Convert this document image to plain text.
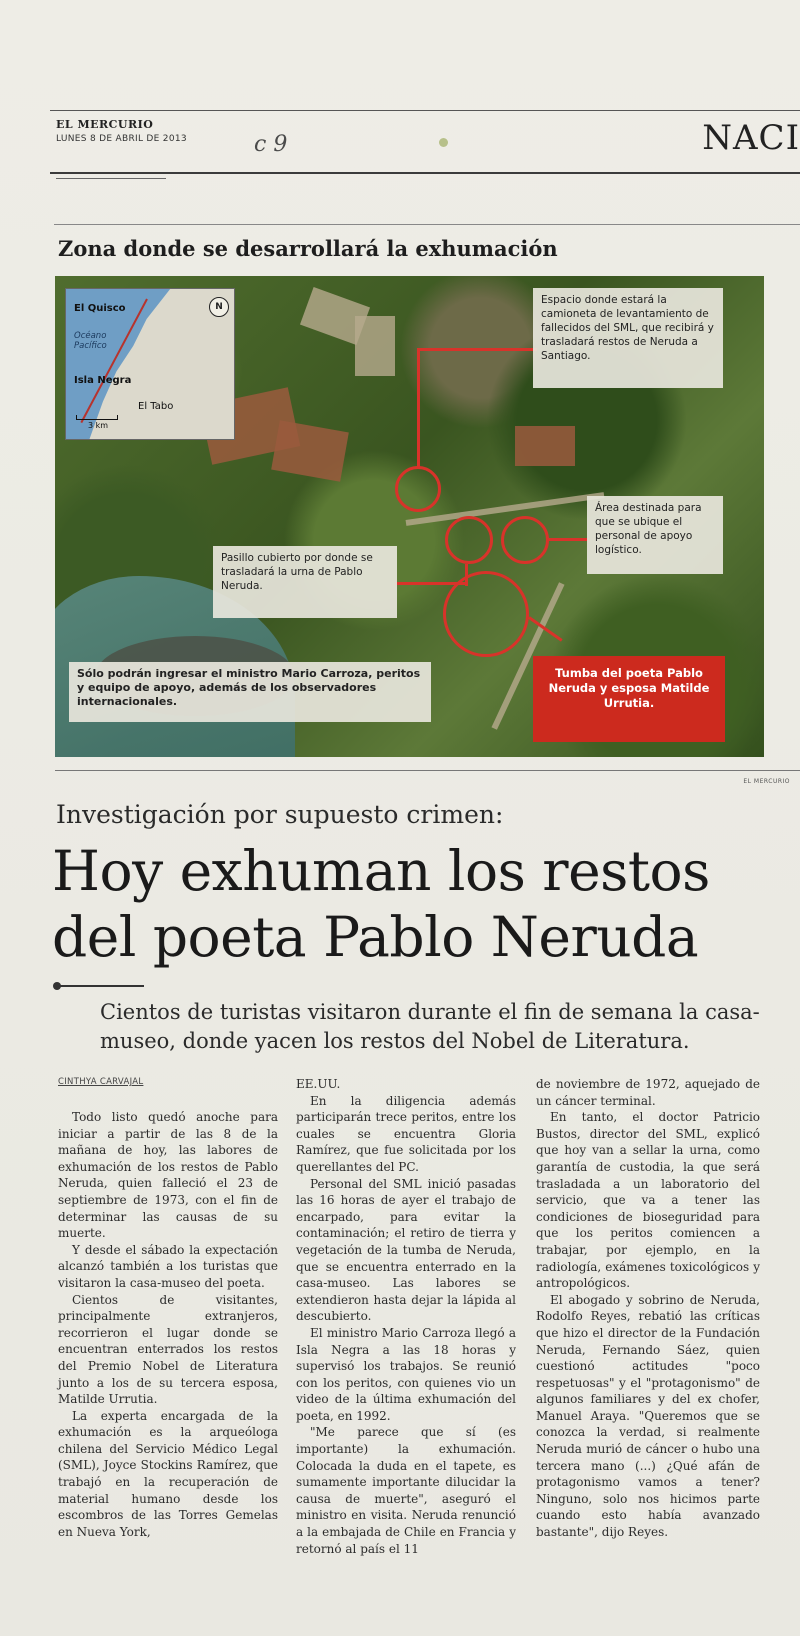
EL MERCURIO
LUNES 8 DE ABRIL DE 2013	c 9	NACI
Zona donde se desarrollará la exhumación
El Quisco
Océano
Pacífico
Isla Negra
El Tabo
N
3 km
Espacio donde estará la camioneta de levantamiento de fallecidos del SML, que recibirá y trasladará restos de Neruda a Santiago.
Área destinada para que se ubique el personal de apoyo logístico.
Pasillo cubierto por donde se trasladará la urna de Pablo Neruda.
Sólo podrán ingresar el ministro Mario Carroza, peritos y equipo de apoyo, además de los observadores internacionales.
Tumba del poeta Pablo Neruda y esposa Matilde Urrutia.
EL MERCURIO
Investigación por supuesto crimen:
Hoy exhuman los restos del poeta Pablo Neruda
Cientos de turistas visitaron durante el fin de semana la casa-museo, donde yacen los restos del Nobel de Literatura.
CINTHYA CARVAJAL

Todo listo quedó anoche para iniciar a partir de las 8 de la mañana de hoy, las labores de exhumación de los restos de Pablo Neruda, quien falleció el 23 de septiembre de 1973, con el fin de determinar las causas de su muerte.

Y desde el sábado la expectación alcanzó también a los turistas que visitaron la casa-museo del poeta.

Cientos de visitantes, principalmente extranjeros, recorrieron el lugar donde se encuentran enterrados los restos del Premio Nobel de Literatura junto a los de su tercera esposa, Matilde Urrutia.

La experta encargada de la exhumación es la arqueóloga chilena del Servicio Médico Legal (SML), Joyce Stockins Ramírez, que trabajó en la recuperación de material humano desde los escombros de las Torres Gemelas en Nueva York,

EE.UU.

En la diligencia además participarán trece peritos, entre los cuales se encuentra Gloria Ramírez, que fue solicitada por los querellantes del PC.

Personal del SML inició pasadas las 16 horas de ayer el trabajo de encarpado, para evitar la contaminación; el retiro de tierra y vegetación de la tumba de Neruda, que se encuentra enterrado en la casa-museo. Las labores se extendieron hasta dejar la lápida al descubierto.

El ministro Mario Carroza llegó a Isla Negra a las 18 horas y supervisó los trabajos. Se reunió con los peritos, con quienes vio un video de la última exhumación del poeta, en 1992.

"Me parece que sí (es importante) la exhumación. Colocada la duda en el tapete, es sumamente importante dilucidar la causa de muerte", aseguró el ministro en visita. Neruda renunció a la embajada de Chile en Francia y retornó al país el 11

de noviembre de 1972, aquejado de un cáncer terminal.

En tanto, el doctor Patricio Bustos, director del SML, explicó que hoy van a sellar la urna, como garantía de custodia, la que será trasladada a un laboratorio del servicio, que va a tener las condiciones de bioseguridad para que los peritos comiencen a trabajar, por ejemplo, en la radiología, exámenes toxicológicos y antropológicos.

El abogado y sobrino de Neruda, Rodolfo Reyes, rebatió las críticas que hizo el director de la Fundación Neruda, Fernando Sáez, quien cuestionó actitudes "poco respetuosas" y el "protagonismo" de algunos familiares y del ex chofer, Manuel Araya. "Queremos que se conozca la verdad, si realmente Neruda murió de cáncer o hubo una tercera mano (...) ¿Qué afán de protagonismo vamos a tener? Ninguno, solo nos hicimos parte cuando esto había avanzado bastante", dijo Reyes.
